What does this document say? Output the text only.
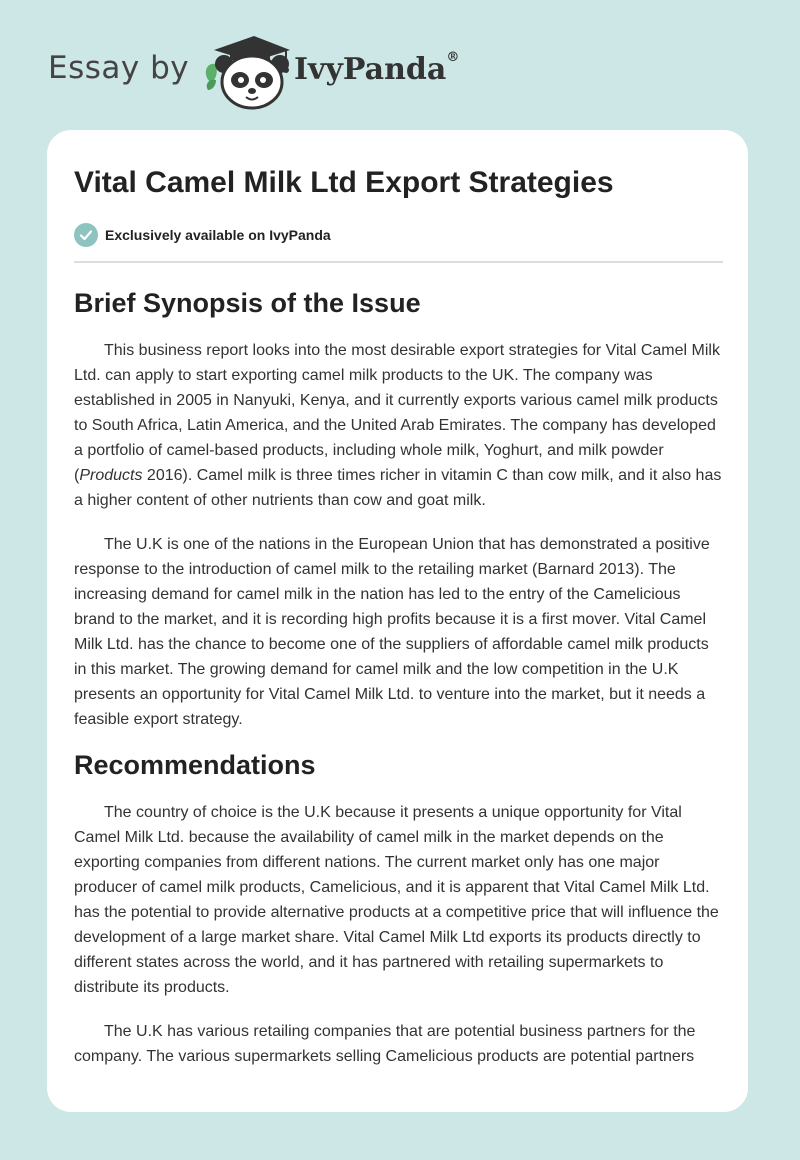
Essay by	IvyPanda®
Vital Camel Milk Ltd Export Strategies
Exclusively available on IvyPanda
Brief Synopsis of the Issue

This business report looks into the most desirable export strategies for Vital Camel Milk Ltd. can apply to start exporting camel milk products to the UK. The company was established in 2005 in Nanyuki, Kenya, and it currently exports various camel milk products to South Africa, Latin America, and the United Arab Emirates. The company has developed a portfolio of camel-based products, including whole milk, Yoghurt, and milk powder (Products 2016). Camel milk is three times richer in vitamin C than cow milk, and it also has a higher content of other nutrients than cow and goat milk.

The U.K is one of the nations in the European Union that has demonstrated a positive response to the introduction of camel milk to the retailing market (Barnard 2013). The increasing demand for camel milk in the nation has led to the entry of the Camelicious brand to the market, and it is recording high profits because it is a first mover. Vital Camel Milk Ltd. has the chance to become one of the suppliers of affordable camel milk products in this market. The growing demand for camel milk and the low competition in the U.K presents an opportunity for Vital Camel Milk Ltd. to venture into the market, but it needs a feasible export strategy.

Recommendations

The country of choice is the U.K because it presents a unique opportunity for Vital Camel Milk Ltd. because the availability of camel milk in the market depends on the exporting companies from different nations. The current market only has one major producer of camel milk products, Camelicious, and it is apparent that Vital Camel Milk Ltd. has the potential to provide alternative products at a competitive price that will influence the development of a large market share. Vital Camel Milk Ltd exports its products directly to different states across the world, and it has partnered with retailing supermarkets to distribute its products.

The U.K has various retailing companies that are potential business partners for the company. The various supermarkets selling Camelicious products are potential partners
